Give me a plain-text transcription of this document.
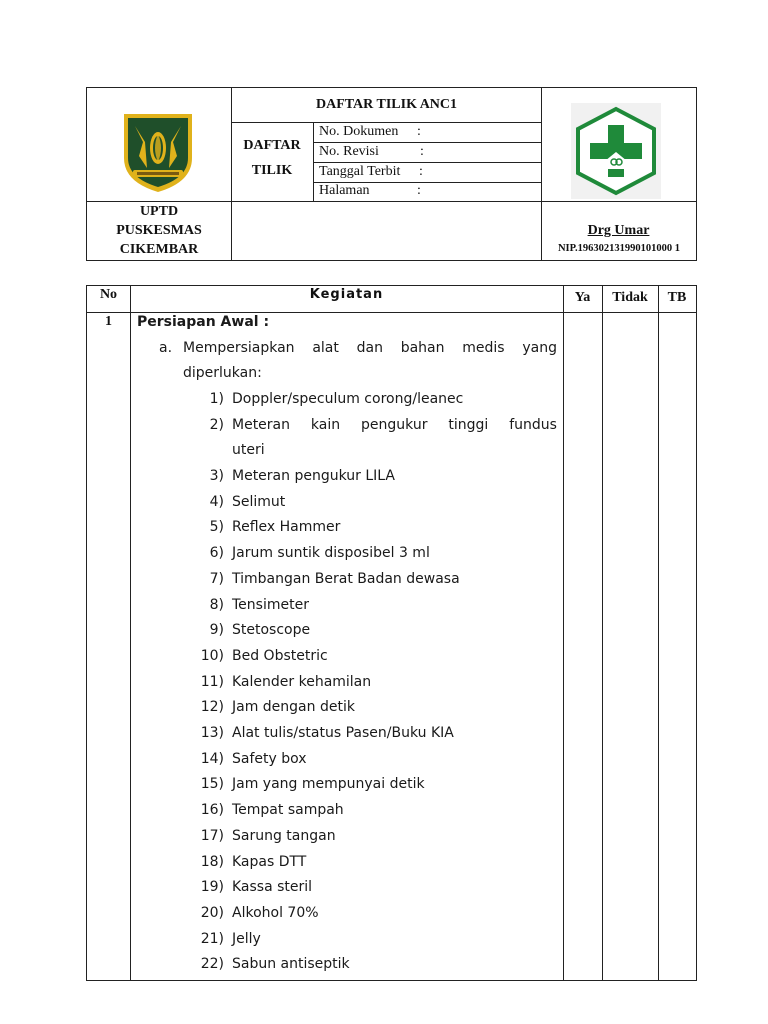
DAFTAR TILIK ANC1
DAFTAR
TILIK
No. Dokumen :
No. Revisi	:
Tanggal Terbit :
Halaman	:
UPTD
PUSKESMAS
CIKEMBAR
Drg Umar
NIP.196302131990101000 1
No	Kegiatan	Ya	Tidak	TB
1	Persiapan Awal :
a. Mempersiapkan alat dan bahan medis yang
diperlukan:
1) Doppler/speculum corong/leanec
2) Meteran kain pengukur tinggi fundus
uteri
3) Meteran pengukur LILA
4) Selimut
5) Reflex Hammer
6) Jarum suntik disposibel 3 ml
7) Timbangan Berat Badan dewasa
8) Tensimeter
9) Stetoscope
10) Bed Obstetric
11) Kalender kehamilan
12) Jam dengan detik
13) Alat tulis/status Pasen/Buku KIA
14) Safety box
15) Jam yang mempunyai detik
16) Tempat sampah
17) Sarung tangan
18) Kapas DTT
19) Kassa steril
20) Alkohol 70%
21) Jelly
22) Sabun antiseptik
